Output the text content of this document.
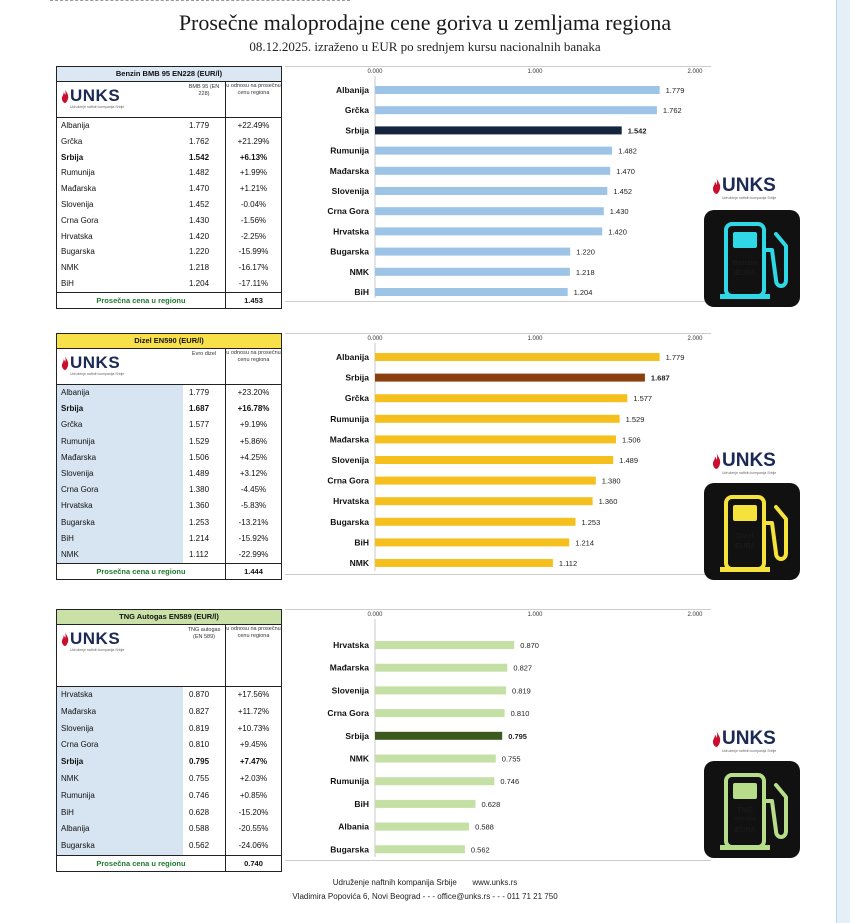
Prosečne maloprodajne cene goriva u zemljama regiona
08.12.2025. izraženo u EUR po srednjem kursu nacionalnih banaka
Benzin BMB 95 EN228 (EUR/l)
UNKS
Udruženje naftnih kompanija Srbije
BMB 95 (EN 228)
u odnosu na prosečnu cenu regiona
Albanija	1.779	+22.49%
Grčka	1.762	+21.29%
Srbija	1.542	+6.13%
Rumunija	1.482	+1.99%
Mađarska	1.470	+1.21%
Slovenija	1.452	-0.04%
Crna Gora	1.430	-1.56%
Hrvatska	1.420	-2.25%
Bugarska	1.220	-15.99%
NMK	1.218	-16.17%
BiH	1.204	-17.11%
Prosečna cena u regionu	1.453
0.000	1.000	2.000
Albanija	1.779
Grčka	1.762
Srbija	1.542
Rumunija	1.482
Mađarska	1.470
Slovenija	1.452
Crna Gora	1.430
Hrvatska	1.420
Bugarska	1.220
NMK	1.218
BiH	1.204
UNKS
Udruženje naftnih kompanija Srbije
Benzin
EUR/l
Dizel EN590 (EUR/l)
UNKS
Udruženje naftnih kompanija Srbije
Evro dizel	u odnosu na prosečnu cenu regiona
Albanija	1.779	+23.20%
Srbija	1.687	+16.78%
Grčka	1.577	+9.19%
Rumunija	1.529	+5.86%
Mađarska	1.506	+4.25%
Slovenija	1.489	+3.12%
Crna Gora	1.380	-4.45%
Hrvatska	1.360	-5.83%
Bugarska	1.253	-13.21%
BiH	1.214	-15.92%
NMK	1.112	-22.99%
Prosečna cena u regionu	1.444
0.000	1.000	2.000
Albanija	1.779
Srbija	1.687
Grčka	1.577
Rumunija	1.529
Mađarska	1.506
Slovenija	1.489
Crna Gora	1.380
Hrvatska	1.360
Bugarska	1.253
BiH	1.214
NMK	1.112
UNKS
Udruženje naftnih kompanija Srbije
Dizel
EUR/l
TNG Autogas EN589 (EUR/l)
UNKS
Udruženje naftnih kompanija Srbije
TNG autogas (EN 589)
u odnosu na prosečnu cenu regiona
Hrvatska	0.870	+17.56%
Mađarska	0.827	+11.72%
Slovenija	0.819	+10.73%
Crna Gora	0.810	+9.45%
Srbija	0.795	+7.47%
NMK	0.755	+2.03%
Rumunija	0.746	+0.85%
BiH	0.628	-15.20%
Albanija	0.588	-20.55%
Bugarska	0.562	-24.06%
Prosečna cena u regionu	0.740
0.000	1.000	2.000
Hrvatska	0.870
Mađarska	0.827
Slovenija	0.819
Crna Gora	0.810
Srbija	0.795
NMK	0.755
Rumunija	0.746
BiH	0.628
Albania	0.588
Bugarska	0.562
UNKS
Udruženje naftnih kompanija Srbije
TNG
autogas
EUR/l
Udruženje naftnih kompanija Srbije       www.unks.rs
Vladimira Popovića 6, Novi Beograd - - - office@unks.rs - - - 011 71 21 750
